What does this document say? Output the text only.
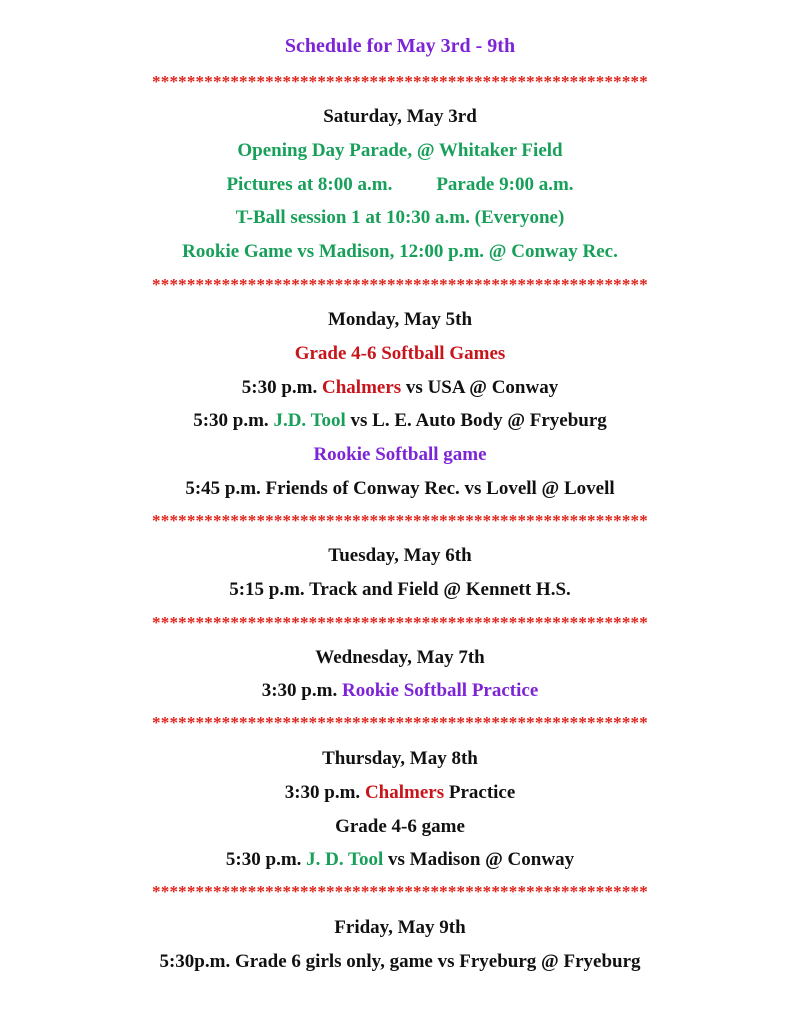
Schedule for May 3rd - 9th
*********************************************************
Saturday, May 3rd
Opening Day Parade, @ Whitaker Field
Pictures at 8:00 a.m. Parade 9:00 a.m.
T-Ball session 1 at 10:30 a.m. (Everyone)
Rookie Game vs Madison, 12:00 p.m. @ Conway Rec.
*********************************************************
Monday, May 5th
Grade 4-6 Softball Games
5:30 p.m. Chalmers vs USA @ Conway
5:30 p.m. J.D. Tool vs L. E. Auto Body @ Fryeburg
Rookie Softball game
5:45 p.m. Friends of Conway Rec. vs Lovell @ Lovell
*********************************************************
Tuesday, May 6th
5:15 p.m. Track and Field @ Kennett H.S.
*********************************************************
Wednesday, May 7th
3:30 p.m. Rookie Softball Practice
*********************************************************
Thursday, May 8th
3:30 p.m. Chalmers Practice
Grade 4-6 game
5:30 p.m. J. D. Tool vs Madison @ Conway
*********************************************************
Friday, May 9th
5:30p.m. Grade 6 girls only, game vs Fryeburg @ Fryeburg
